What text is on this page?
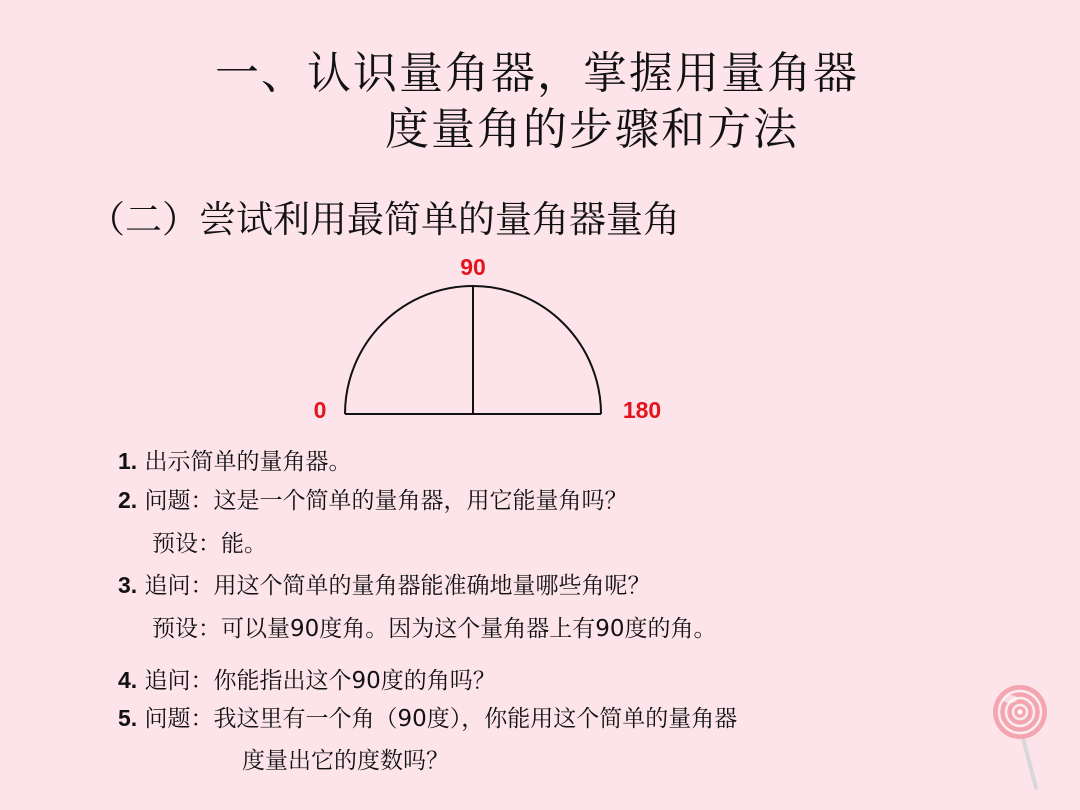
一、认识量角器，掌握用量角器
度量角的步骤和方法
（二）尝试利用最简单的量角器量角
90
0	180
1. 出示简单的量角器。
2. 问题：这是一个简单的量角器，用它能量角吗？
预设：能。
3. 追问：用这个简单的量角器能准确地量哪些角呢？
预设：可以量90度角。因为这个量角器上有90度的角。
4. 追问：你能指出这个90度的角吗？
5. 问题：我这里有一个角（90度），你能用这个简单的量角器
度量出它的度数吗？
